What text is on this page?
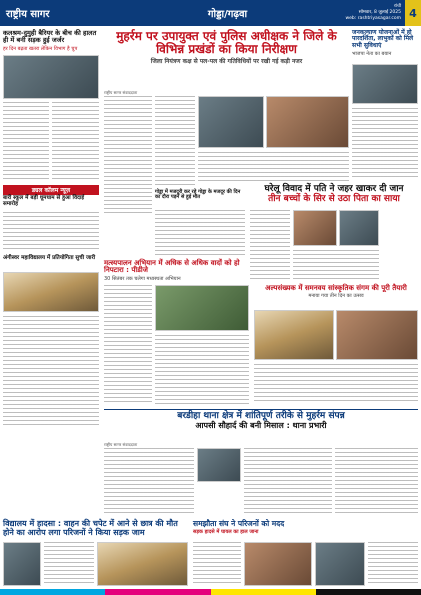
राष्ट्रीय सागर	गोड्डा/गढ़वा
रांची
सोमवार, 8 जुलाई 2025
web: rashtriyasagar.com 4
कलश्रम-दुमुही बैरियर के बीच की हालत ही में बनी सड़क हुई जर्जर
हर दिन बढ़ता खतरा लेकिन विभाग है चुप
ड्यल कॉलम न्यूज़
बारी स्कूल में बड़ी धूमधाम से हुआ विदाई समारोह
अंगीस्वर महाविद्यालय में प्रतियोगिता सुची जारी
मुहर्रम पर उपायुक्त एवं पुलिस अधीक्षक ने जिले के विभिन्न प्रखंडों का किया निरीक्षण
जिला नियंत्रण कक्ष से पल-पल की गतिविधियों पर रखी गई कड़ी नजर
राष्ट्रीय सागर संवाददाता
गोड्डा में मजदूरी कर रहे गोड्डा के मजदूर की दिन का दौरा पड़ने से हुई मौत
घरेलू विवाद में पति ने जहर खाकर दी जान
तीन बच्चों के सिर से उठा पिता का साया
मत्स्यपालन अभियान में अधिक से अधिक वादों को हो निपटारा : पीडीजे
30 सितंबर तक चलेगा मध्यस्थता अभियान
अल्पसंख्यक में समनवय सांस्कृतिक संगम की पूरी तैयारी
मनाया गया तीन दिन का उत्सव
जनकल्याण योजनाओं में हो पारदर्शिता, लाभुकों को मिले सभी सुविधाएं
भाजपा नेता का बयान
बरडीहा थाना क्षेत्र में शांतिपूर्ण तरीके से मुहर्रम संपन्न
आपसी सौहार्द की बनी मिसाल : थाना प्रभारी
राष्ट्रीय सागर संवाददाता
विद्यालय में हादसा : वाहन की चपेट में आने से छात्र की मौत
होने का आरोप लगा परिजनों ने किया सड़क जाम
समझौता संघ ने परिजनों को मदद
सड़क हादसे में घायल का हाल जाना
